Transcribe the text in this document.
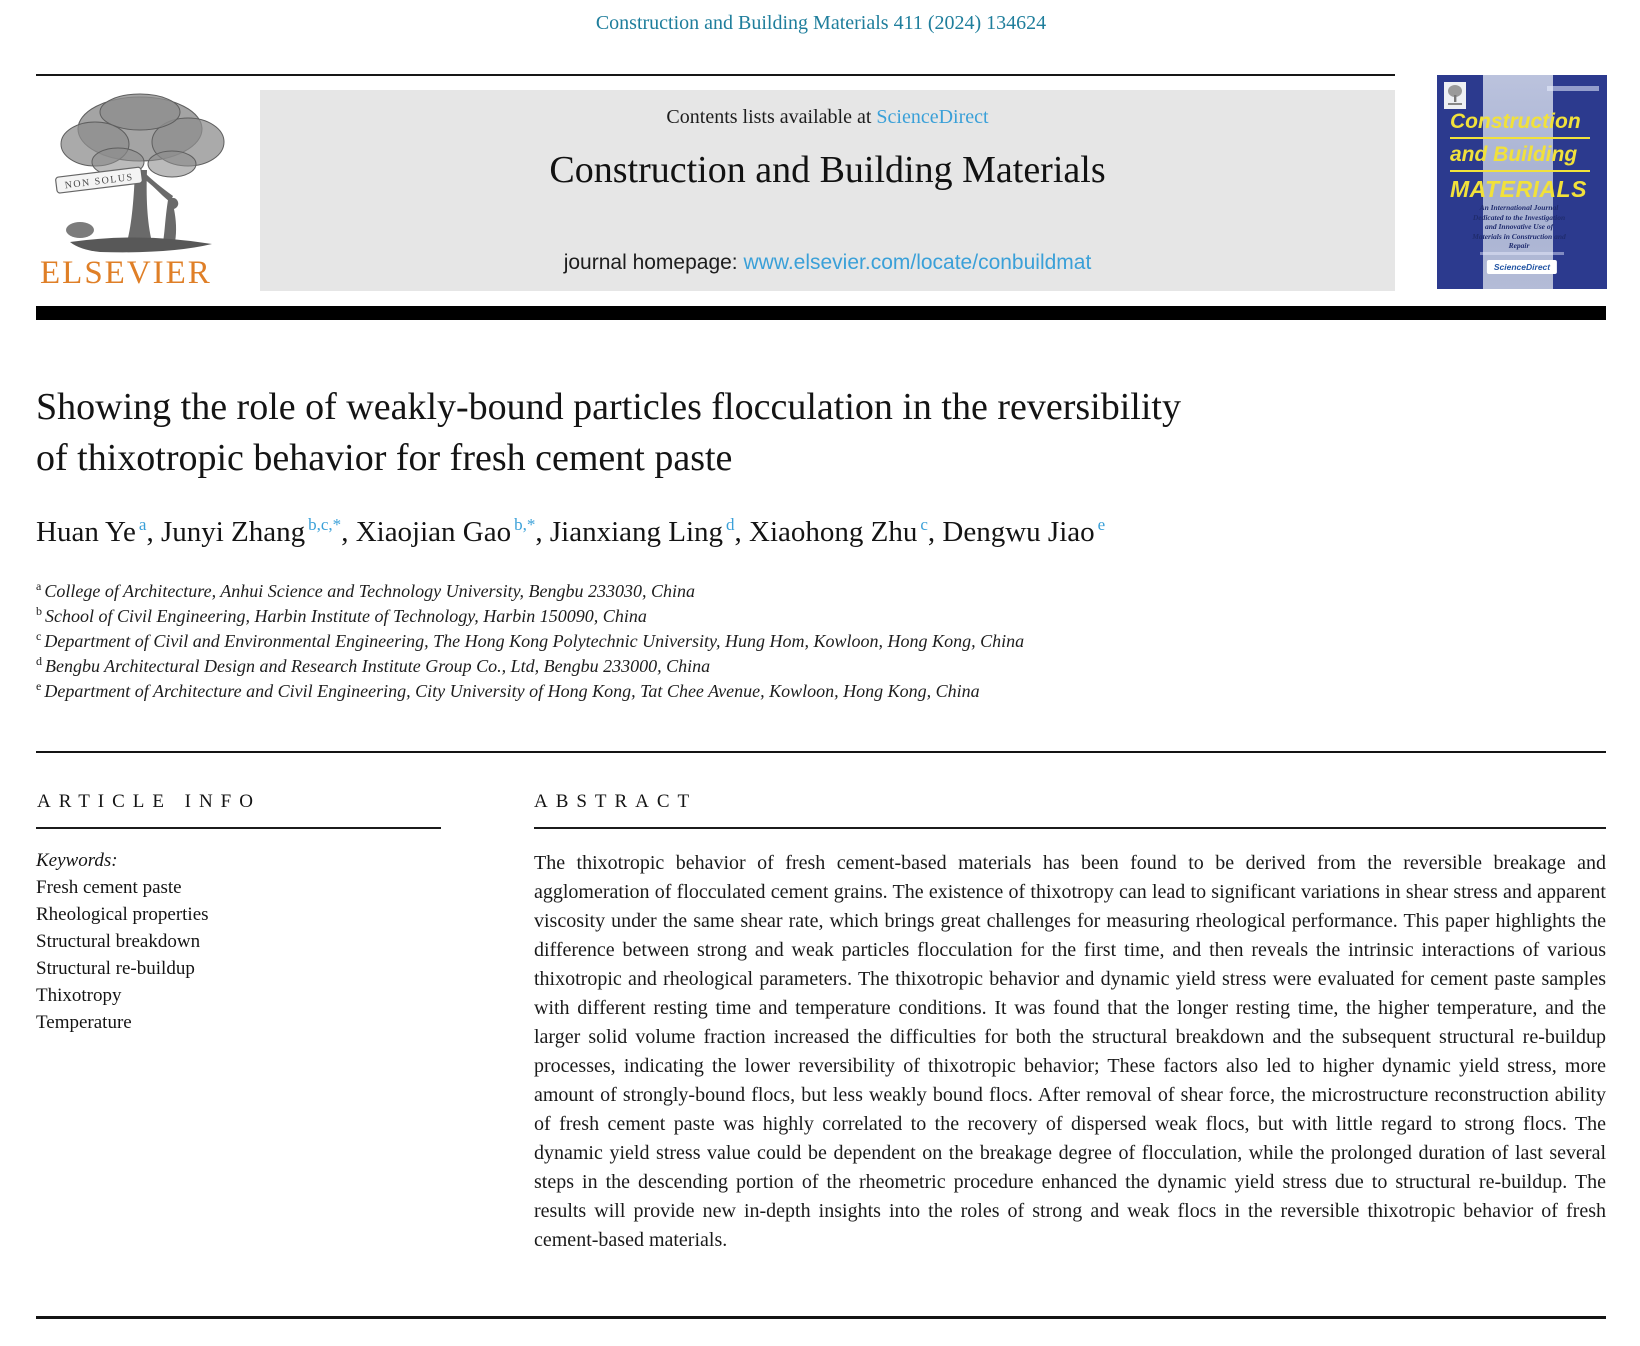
Construction and Building Materials 411 (2024) 134624
NON SOLUS
ELSEVIER
Contents lists available at ScienceDirect
Construction and Building Materials
journal homepage: www.elsevier.com/locate/conbuildmat
Construction
and Building
MATERIALS
An International Journal Dedicated to the Investigation and Innovative Use of Materials in Construction and Repair
ScienceDirect
Showing the role of weakly-bound particles flocculation in the reversibility
of thixotropic behavior for fresh cement paste
Huan Ye $^a$, Junyi Zhang $^{b,c,*}$, Xiaojian Gao $^{b,*}$, Jianxiang Ling $^d$, Xiaohong Zhu $^c$, Dengwu Jiao $^e$
$^a$ College of Architecture, Anhui Science and Technology University, Bengbu 233030, China
$^b$ School of Civil Engineering, Harbin Institute of Technology, Harbin 150090, China
$^c$ Department of Civil and Environmental Engineering, The Hong Kong Polytechnic University, Hung Hom, Kowloon, Hong Kong, China
$^d$ Bengbu Architectural Design and Research Institute Group Co., Ltd, Bengbu 233000, China
$^e$ Department of Architecture and Civil Engineering, City University of Hong Kong, Tat Chee Avenue, Kowloon, Hong Kong, China
ARTICLE INFO	ABSTRACT
Keywords:
Fresh cement paste
Rheological properties
Structural breakdown
Structural re-buildup
Thixotropy
Temperature
The thixotropic behavior of fresh cement-based materials has been found to be derived from the reversible breakage and agglomeration of flocculated cement grains. The existence of thixotropy can lead to significant variations in shear stress and apparent viscosity under the same shear rate, which brings great challenges for measuring rheological performance. This paper highlights the difference between strong and weak particles flocculation for the first time, and then reveals the intrinsic interactions of various thixotropic and rheological parameters. The thixotropic behavior and dynamic yield stress were evaluated for cement paste samples with different resting time and temperature conditions. It was found that the longer resting time, the higher temperature, and the larger solid volume fraction increased the difficulties for both the structural breakdown and the subsequent structural re-buildup processes, indicating the lower reversibility of thixotropic behavior; These factors also led to higher dynamic yield stress, more amount of strongly-bound flocs, but less weakly bound flocs. After removal of shear force, the microstructure reconstruction ability of fresh cement paste was highly correlated to the recovery of dispersed weak flocs, but with little regard to strong flocs. The dynamic yield stress value could be dependent on the breakage degree of flocculation, while the prolonged duration of last several steps in the descending portion of the rheometric procedure enhanced the dynamic yield stress due to structural re-buildup. The results will provide new in-depth insights into the roles of strong and weak flocs in the reversible thixotropic behavior of fresh cement-based materials.
